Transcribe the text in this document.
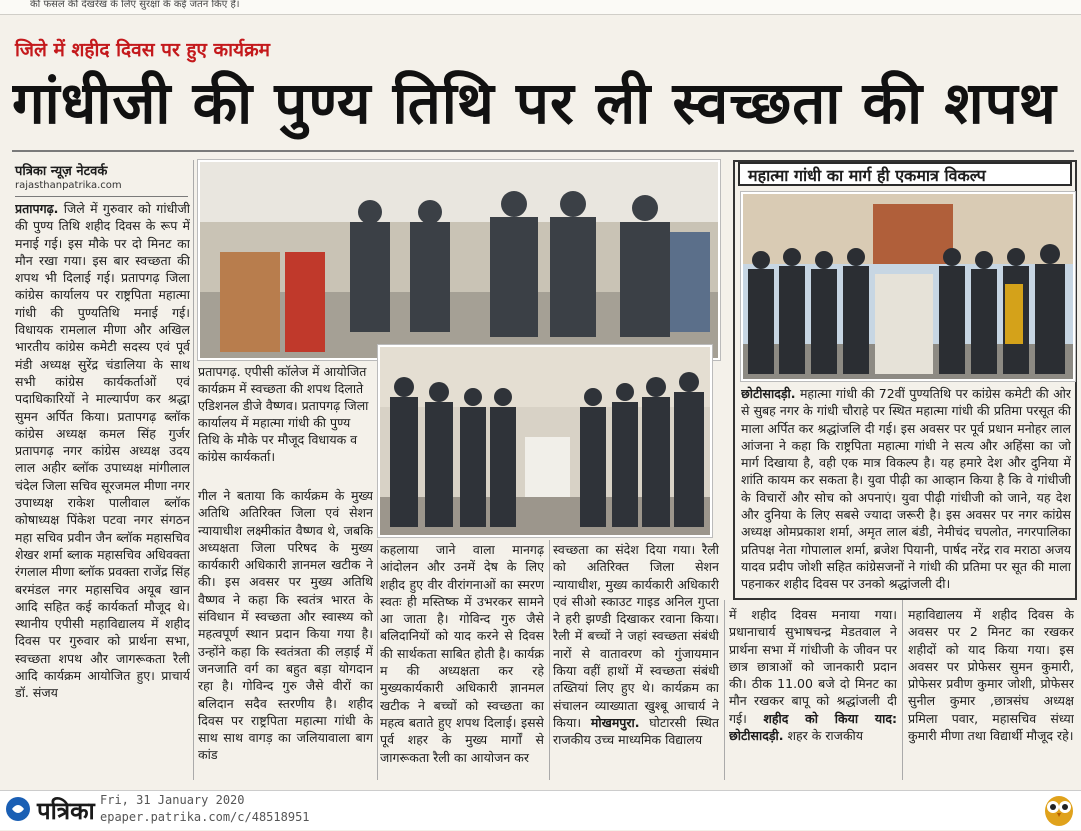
की फसल की देखरेख के लिए सुरक्षा के कई जतन किए हैं।
जिले में शहीद दिवस पर हुए कार्यक्रम
गांधीजी की पुण्य तिथि पर ली स्वच्छता की शपथ
पत्रिका न्यूज़ नेटवर्क
rajasthanpatrika.com
प्रतापगढ़. जिले में गुरुवार को गांधीजी की पुण्य तिथि शहीद दिवस के रूप में मनाई गई। इस मौके पर दो मिनट का मौन रखा गया। इस बार स्वच्छता की शपथ भी दिलाई गई। प्रतापगढ़ जिला कांग्रेस कार्यालय पर राष्ट्रपिता महात्मा गांधी की पुण्यतिथि मनाई गई। विधायक रामलाल मीणा और अखिल भारतीय कांग्रेस कमेटी सदस्य एवं पूर्व मंडी अध्यक्ष सुरेंद्र चंडालिया के साथ सभी कांग्रेस कार्यकर्ताओं एवं पदाधिकारियों ने माल्यार्पण कर श्रद्धा सुमन अर्पित किया। प्रतापगढ़ ब्लॉक कांग्रेस अध्यक्ष कमल सिंह गुर्जर प्रतापगढ़ नगर कांग्रेस अध्यक्ष उदय लाल अहीर ब्लॉक उपाध्यक्ष मांगीलाल चंदेल जिला सचिव सूरजमल मीणा नगर उपाध्यक्ष राकेश पालीवाल ब्लॉक कोषाध्यक्ष पिंकेश पटवा नगर संगठन महा सचिव प्रवीन जैन ब्लॉक महासचिव शेखर शर्मा ब्लाक महासचिव अधिवक्ता रंगलाल मीणा ब्लॉक प्रवक्ता राजेंद्र सिंह बरमंडल नगर महासचिव अयूब खान आदि सहित कई कार्यकर्ता मौजूद थे। स्थानीय एपीसी महाविद्यालय में शहीद दिवस पर गुरुवार को प्रार्थना सभा, स्वच्छता शपथ और जागरूकता रैली आदि कार्यक्रम आयोजित हुए। प्राचार्य डॉ. संजय
प्रतापगढ़. एपीसी कॉलेज में आयोजित कार्यक्रम में स्वच्छता की शपथ दिलाते एडिशनल डीजे वैष्णव। प्रतापगढ़ जिला कार्यालय में महात्मा गांधी की पुण्य तिथि के मौके पर मौजूद विधायक व कांग्रेस कार्यकर्ता।
गील ने बताया कि कार्यक्रम के मुख्य अतिथि अतिरिक्त जिला एवं सेशन न्यायाधीश लक्ष्मीकांत वैष्णव थे, जबकि अध्यक्षता जिला परिषद के मुख्य कार्यकारी अधिकारी ज्ञानमल खटीक ने की। इस अवसर पर मुख्य अतिथि वैष्णव ने कहा कि स्वतंत्र भारत के संविधान में स्वच्छता और स्वास्थ्य को महत्वपूर्ण स्थान प्रदान किया गया है। उन्होंने कहा कि स्वतंत्रता की लड़ाई में जनजाति वर्ग का बहुत बड़ा योगदान रहा है। गोविन्द गुरु जैसे वीरों का बलिदान सदैव स्तरणीय है। शहीद दिवस पर राष्ट्रपिता महात्मा गांधी के साथ साथ वागड़ का जलियावाला बाग कांड
कहलाया जाने वाला मानगढ़ आंदोलन और उनमें देष के लिए शहीद हुए वीर वीरांगनाओं का स्मरण स्वतः ही मस्तिष्क में उभरकर सामने आ जाता है। गोविन्द गुरु जैसे बलिदानियों को याद करने से दिवस की सार्थकता साबित होती है। कार्यक्र म की अध्यक्षता कर रहे मुख्यकार्यकारी अधिकारी ज्ञानमल खटीक ने बच्चों को स्वच्छता का महत्व बताते हुए शपथ दिलाई। इससे पूर्व शहर के मुख्य मार्गों से जागरूकता रैली का आयोजन कर
स्वच्छता का संदेश दिया गया। रैली को अतिरिक्त जिला सेशन न्यायाधीश, मुख्य कार्यकारी अधिकारी एवं सीओ स्काउट गाइड अनिल गुप्ता ने हरी झण्डी दिखाकर रवाना किया। रैली में बच्चों ने जहां स्वच्छता संबंधी नारों से वातावरण को गुंजायमान किया वहीं हाथों में स्वच्छता संबंधी तख्तियां लिए हुए थे। कार्यक्रम का संचालन व्याख्याता खुश्बू आचार्य ने किया। मोखमपुरा. घोटारसी स्थित राजकीय उच्च माध्यमिक विद्यालय
महात्मा गांधी का मार्ग ही एकमात्र विकल्प
छोटीसादड़ी. महात्मा गांधी की 72वीं पुण्यतिथि पर कांग्रेस कमेटी की ओर से सुबह नगर के गांधी चौराहे पर स्थित महात्मा गांधी की प्रतिमा परसूत की माला अर्पित कर श्रद्धांजलि दी गई। इस अवसर पर पूर्व प्रधान मनोहर लाल आंजना ने कहा कि राष्ट्रपिता महात्मा गांधी ने सत्य और अहिंसा का जो मार्ग दिखाया है, वही एक मात्र विकल्प है। यह हमारे देश और दुनिया में शांति कायम कर सकता है। युवा पीढ़ी का आव्हान किया है कि वे गांधीजी के विचारों और सोच को अपनाएं। युवा पीढ़ी गांधीजी को जाने, यह देश और दुनिया के लिए सबसे ज्यादा जरूरी है। इस अवसर पर नगर कांग्रेस अध्यक्ष ओमप्रकाश शर्मा, अमृत लाल बंडी, नेमीचंद चपलोत, नगरपालिका प्रतिपक्ष नेता गोपालाल शर्मा, ब्रजेश पियानी, पार्षद नरेंद्र राव मराठा अजय यादव प्रदीप जोशी सहित कांग्रेसजनों ने गांधी की प्रतिमा पर सूत की माला पहनाकर शहीद दिवस पर उनको श्रद्धांजली दी।
में शहीद दिवस मनाया गया। प्रधानाचार्य सुभाषचन्द्र मेडतवाल ने प्रार्थना सभा में गांधीजी के जीवन पर छात्र छात्राओं को जानकारी प्रदान की। ठीक 11.00 बजे दो मिनट का मौन रखकर बापू को श्रद्धांजली दी गई। शहीद को किया याद: छोटीसादड़ी. शहर के राजकीय
महाविद्यालय में शहीद दिवस के अवसर पर 2 मिनट का रखकर शहीदों को याद किया गया। इस अवसर पर प्रोफेसर सुमन कुमारी, प्रोफेसर प्रवीण कुमार जोशी, प्रोफेसर सुनील कुमार ,छात्रसंघ अध्यक्ष प्रमिला पवार, महासचिव संध्या कुमारी मीणा तथा विद्यार्थी मौजूद रहे।
पत्रिका Fri, 31 January 2020
epaper.patrika.com/c/48518951
